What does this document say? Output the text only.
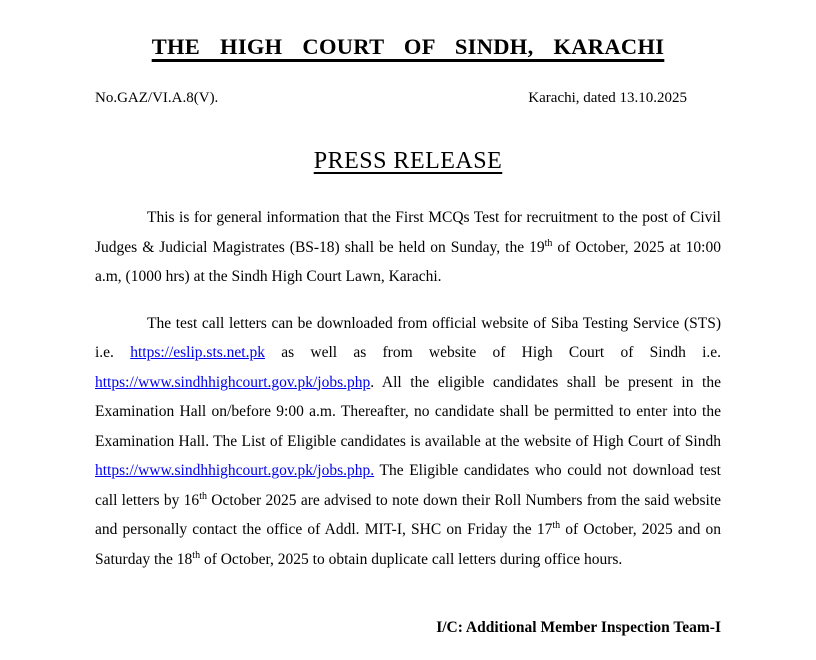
THE HIGH COURT OF SINDH, KARACHI
No.GAZ/VI.A.8(V).	Karachi, dated 13.10.2025
PRESS RELEASE

This is for general information that the First MCQs Test for recruitment to the post of Civil Judges & Judicial Magistrates (BS-18) shall be held on Sunday, the 19th of October, 2025 at 10:00 a.m, (1000 hrs) at the Sindh High Court Lawn, Karachi.

The test call letters can be downloaded from official website of Siba Testing Service (STS) i.e. https://eslip.sts.net.pk as well as from website of High Court of Sindh i.e. https://www.sindhhighcourt.gov.pk/jobs.php. All the eligible candidates shall be present in the Examination Hall on/before 9:00 a.m. Thereafter, no candidate shall be permitted to enter into the Examination Hall. The List of Eligible candidates is available at the website of High Court of Sindh https://www.sindhhighcourt.gov.pk/jobs.php. The Eligible candidates who could not download test call letters by 16th October 2025 are advised to note down their Roll Numbers from the said website and personally contact the office of Addl. MIT-I, SHC on Friday the 17th of October, 2025 and on Saturday the 18th of October, 2025 to obtain duplicate call letters during office hours.

I/C: Additional Member Inspection Team-I
